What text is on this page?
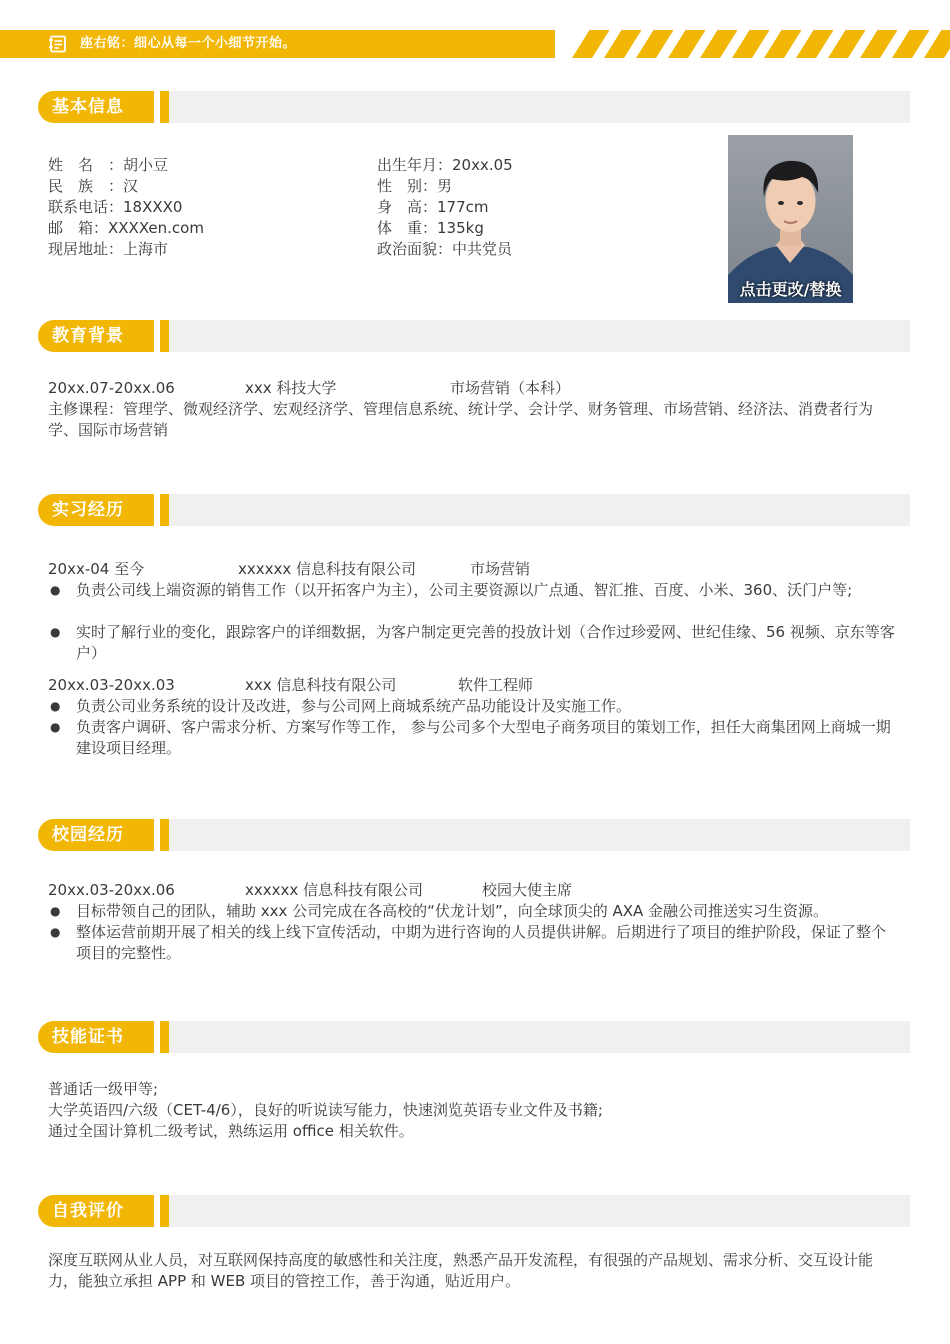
座右铭：细心从每一个小细节开始。
基本信息
姓　名　：胡小豆
民　族　：汉
联系电话：18XXX0
邮　箱：XXXXen.com
现居地址：上海市
出生年月：20xx.05
性　别：男
身　高：177cm
体　重：135kg
政治面貌：中共党员
点击更改/替换
教育背景
20xx.07-20xx.06	xxx 科技大学	市场营销（本科）
主修课程：管理学、微观经济学、宏观经济学、管理信息系统、统计学、会计学、财务管理、市场营销、经济法、消费者行为学、国际市场营销
实习经历
20xx-04 至今	xxxxxx 信息科技有限公司	市场营销
● 负责公司线上端资源的销售工作（以开拓客户为主），公司主要资源以广点通、智汇推、百度、小米、360、沃门户等;
● 实时了解行业的变化，跟踪客户的详细数据，为客户制定更完善的投放计划（合作过珍爱网、世纪佳缘、56 视频、京东等客户）
20xx.03-20xx.03	xxx 信息科技有限公司	软件工程师
● 负责公司业务系统的设计及改进，参与公司网上商城系统产品功能设计及实施工作。
● 负责客户调研、客户需求分析、方案写作等工作， 参与公司多个大型电子商务项目的策划工作，担任大商集团网上商城一期建设项目经理。
校园经历
20xx.03-20xx.06	xxxxxx 信息科技有限公司	校园大使主席
● 目标带领自己的团队，辅助 xxx 公司完成在各高校的“伏龙计划”，向全球顶尖的 AXA 金融公司推送实习生资源。
● 整体运营前期开展了相关的线上线下宣传活动，中期为进行咨询的人员提供讲解。后期进行了项目的维护阶段，保证了整个项目的完整性。
技能证书
普通话一级甲等;
大学英语四/六级（CET-4/6），良好的听说读写能力，快速浏览英语专业文件及书籍;
通过全国计算机二级考试，熟练运用 office 相关软件。
自我评价
深度互联网从业人员，对互联网保持高度的敏感性和关注度，熟悉产品开发流程，有很强的产品规划、需求分析、交互设计能力，能独立承担 APP 和 WEB 项目的管控工作，善于沟通，贴近用户。
